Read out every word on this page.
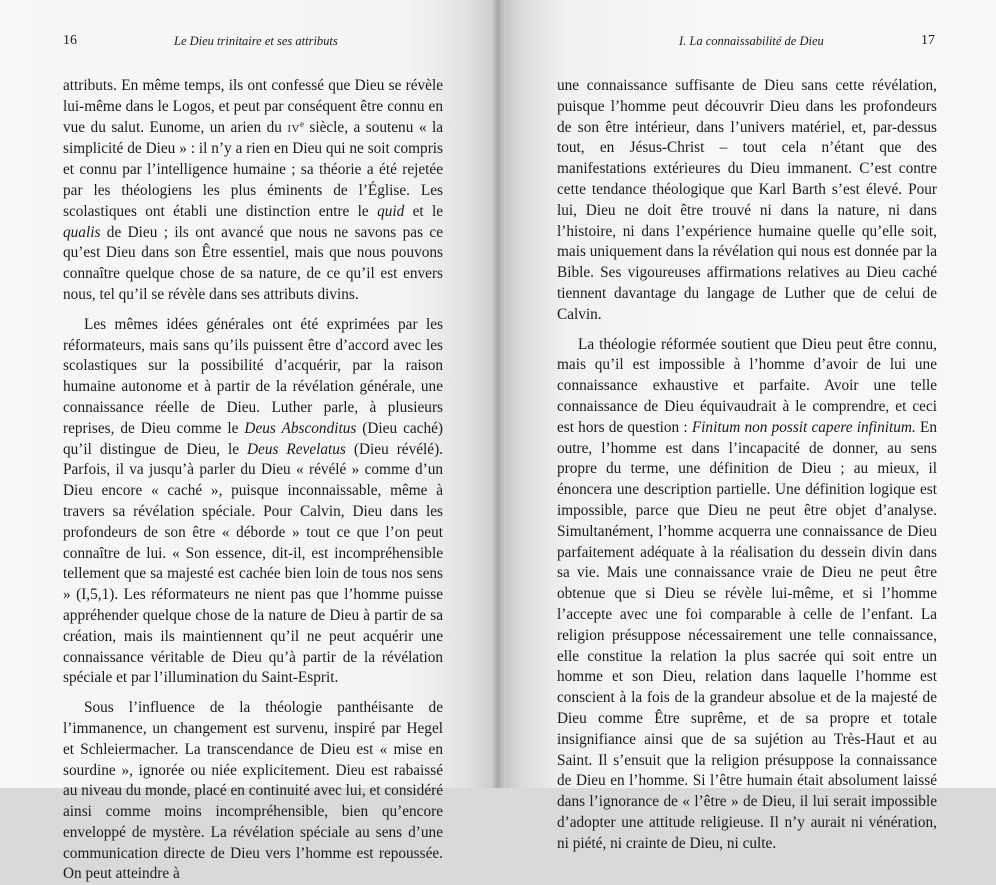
16	Le Dieu trinitaire et ses attributs

attributs. En même temps, ils ont confessé que Dieu se révèle lui-même dans le Logos, et peut par conséquent être connu en vue du salut. Eunome, un arien du IVe siècle, a soutenu « la simplicité de Dieu » : il n’y a rien en Dieu qui ne soit compris et connu par l’intelligence humaine ; sa théorie a été rejetée par les théologiens les plus éminents de l’Église. Les scolastiques ont établi une distinction entre le quid et le qualis de Dieu ; ils ont avancé que nous ne savons pas ce qu’est Dieu dans son Être essentiel, mais que nous pouvons connaître quelque chose de sa nature, de ce qu’il est envers nous, tel qu’il se révèle dans ses attributs divins.

Les mêmes idées générales ont été exprimées par les réformateurs, mais sans qu’ils puissent être d’accord avec les scolastiques sur la possibilité d’acquérir, par la raison humaine autonome et à partir de la révélation générale, une connaissance réelle de Dieu. Luther parle, à plusieurs reprises, de Dieu comme le Deus Absconditus (Dieu caché) qu’il distingue de Dieu, le Deus Revelatus (Dieu révélé). Parfois, il va jusqu’à parler du Dieu « révélé » comme d’un Dieu encore « caché », puisque inconnaissable, même à travers sa révélation spéciale. Pour Calvin, Dieu dans les profondeurs de son être « déborde » tout ce que l’on peut connaître de lui. « Son essence, dit-il, est incompréhensible tellement que sa majesté est cachée bien loin de tous nos sens » (I,5,1). Les réformateurs ne nient pas que l’homme puisse appréhender quelque chose de la nature de Dieu à partir de sa création, mais ils maintiennent qu’il ne peut acquérir une connaissance véritable de Dieu qu’à partir de la révélation spéciale et par l’illumination du Saint-Esprit.

Sous l’influence de la théologie panthéisante de l’immanence, un changement est survenu, inspiré par Hegel et Schleiermacher. La transcendance de Dieu est « mise en sourdine », ignorée ou niée explicitement. Dieu est rabaissé au niveau du monde, placé en continuité avec lui, et considéré ainsi comme moins incompréhensible, bien qu’encore enveloppé de mystère. La révélation spéciale au sens d’une communication directe de Dieu vers l’homme est repoussée. On peut atteindre à

I. La connaissabilité de Dieu	17

une connaissance suffisante de Dieu sans cette révélation, puisque l’homme peut découvrir Dieu dans les profondeurs de son être intérieur, dans l’univers matériel, et, par-dessus tout, en Jésus-Christ – tout cela n’étant que des manifestations extérieures du Dieu immanent. C’est contre cette tendance théologique que Karl Barth s’est élevé. Pour lui, Dieu ne doit être trouvé ni dans la nature, ni dans l’histoire, ni dans l’expérience humaine quelle qu’elle soit, mais uniquement dans la révélation qui nous est donnée par la Bible. Ses vigoureuses affirmations relatives au Dieu caché tiennent davantage du langage de Luther que de celui de Calvin.

La théologie réformée soutient que Dieu peut être connu, mais qu’il est impossible à l’homme d’avoir de lui une connaissance exhaustive et parfaite. Avoir une telle connaissance de Dieu équivaudrait à le comprendre, et ceci est hors de question : Finitum non possit capere infinitum. En outre, l’homme est dans l’incapacité de donner, au sens propre du terme, une définition de Dieu ; au mieux, il énoncera une description partielle. Une définition logique est impossible, parce que Dieu ne peut être objet d’analyse. Simultanément, l’homme acquerra une connaissance de Dieu parfaitement adéquate à la réalisation du dessein divin dans sa vie. Mais une connaissance vraie de Dieu ne peut être obtenue que si Dieu se révèle lui-même, et si l’homme l’accepte avec une foi comparable à celle de l’enfant. La religion présuppose nécessairement une telle connaissance, elle constitue la relation la plus sacrée qui soit entre un homme et son Dieu, relation dans laquelle l’homme est conscient à la fois de la grandeur absolue et de la majesté de Dieu comme Être suprême, et de sa propre et totale insignifiance ainsi que de sa sujétion au Très-Haut et au Saint. Il s’ensuit que la religion présuppose la connaissance de Dieu en l’homme. Si l’être humain était absolument laissé dans l’ignorance de « l’être » de Dieu, il lui serait impossible d’adopter une attitude religieuse. Il n’y aurait ni vénération, ni piété, ni crainte de Dieu, ni culte.
